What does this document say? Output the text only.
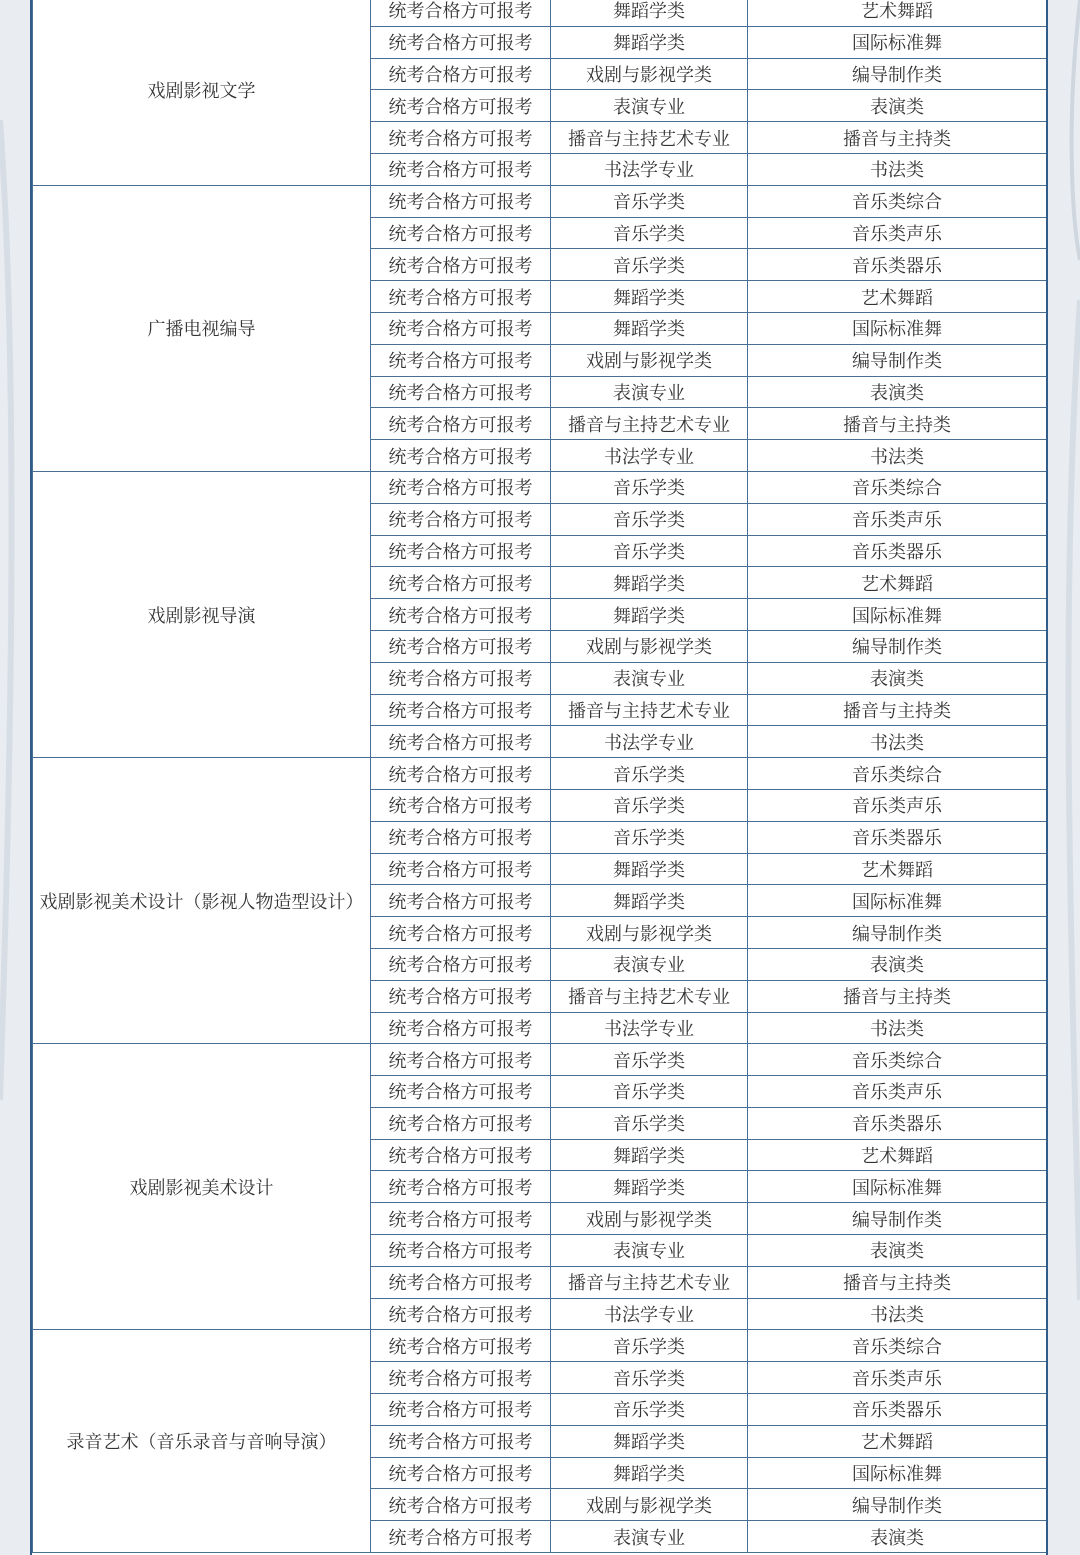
戏剧影视文学	统考合格方可报考	舞蹈学类	艺术舞蹈
	统考合格方可报考	舞蹈学类	国际标准舞
	统考合格方可报考	戏剧与影视学类	编导制作类
	统考合格方可报考	表演专业	表演类
	统考合格方可报考	播音与主持艺术专业	播音与主持类
	统考合格方可报考	书法学专业	书法类
广播电视编导	统考合格方可报考	音乐学类	音乐类综合
	统考合格方可报考	音乐学类	音乐类声乐
	统考合格方可报考	音乐学类	音乐类器乐
	统考合格方可报考	舞蹈学类	艺术舞蹈
	统考合格方可报考	舞蹈学类	国际标准舞
	统考合格方可报考	戏剧与影视学类	编导制作类
	统考合格方可报考	表演专业	表演类
	统考合格方可报考	播音与主持艺术专业	播音与主持类
	统考合格方可报考	书法学专业	书法类
戏剧影视导演	统考合格方可报考	音乐学类	音乐类综合
	统考合格方可报考	音乐学类	音乐类声乐
	统考合格方可报考	音乐学类	音乐类器乐
	统考合格方可报考	舞蹈学类	艺术舞蹈
	统考合格方可报考	舞蹈学类	国际标准舞
	统考合格方可报考	戏剧与影视学类	编导制作类
	统考合格方可报考	表演专业	表演类
	统考合格方可报考	播音与主持艺术专业	播音与主持类
	统考合格方可报考	书法学专业	书法类
戏剧影视美术设计（影视人物造型设计）	统考合格方可报考	音乐学类	音乐类综合
	统考合格方可报考	音乐学类	音乐类声乐
	统考合格方可报考	音乐学类	音乐类器乐
	统考合格方可报考	舞蹈学类	艺术舞蹈
	统考合格方可报考	舞蹈学类	国际标准舞
	统考合格方可报考	戏剧与影视学类	编导制作类
	统考合格方可报考	表演专业	表演类
	统考合格方可报考	播音与主持艺术专业	播音与主持类
	统考合格方可报考	书法学专业	书法类
戏剧影视美术设计	统考合格方可报考	音乐学类	音乐类综合
	统考合格方可报考	音乐学类	音乐类声乐
	统考合格方可报考	音乐学类	音乐类器乐
	统考合格方可报考	舞蹈学类	艺术舞蹈
	统考合格方可报考	舞蹈学类	国际标准舞
	统考合格方可报考	戏剧与影视学类	编导制作类
	统考合格方可报考	表演专业	表演类
	统考合格方可报考	播音与主持艺术专业	播音与主持类
	统考合格方可报考	书法学专业	书法类
录音艺术（音乐录音与音响导演）	统考合格方可报考	音乐学类	音乐类综合
	统考合格方可报考	音乐学类	音乐类声乐
	统考合格方可报考	音乐学类	音乐类器乐
	统考合格方可报考	舞蹈学类	艺术舞蹈
	统考合格方可报考	舞蹈学类	国际标准舞
	统考合格方可报考	戏剧与影视学类	编导制作类
	统考合格方可报考	表演专业	表演类
